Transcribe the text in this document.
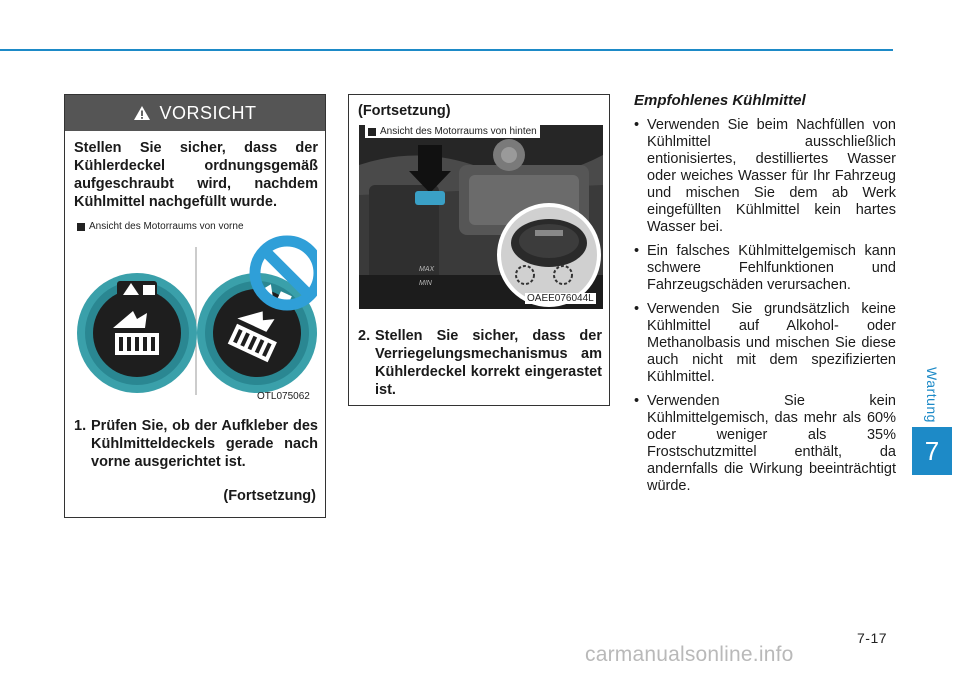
Wartung
7
7-17
carmanualsonline.info
VORSICHT
Stellen Sie sicher, dass der Kühlerdeckel ordnungsgemäß aufgeschraubt wird, nachdem Kühlmittel nachgefüllt wurde.
Ansicht des Motorraums von vorne
OTL075062
1. Prüfen Sie, ob der Aufkleber des Kühlmitteldeckels gerade nach vorne ausgerichtet ist.
(Fortsetzung)
(Fortsetzung)
MAX
MIN
Ansicht des Motorraums von hinten
OAEE076044L
2. Stellen Sie sicher, dass der Verriegelungsmechanismus am Kühlerdeckel korrekt eingerastet ist.
Empfohlenes Kühlmittel
• Verwenden Sie beim Nachfüllen von Kühlmittel ausschließlich entionisiertes, destilliertes Wasser oder weiches Wasser für Ihr Fahrzeug und mischen Sie dem ab Werk eingefüllten Kühlmittel kein hartes Wasser bei.
• Ein falsches Kühlmittelgemisch kann schwere Fehlfunktionen und Fahrzeugschäden verursachen.
• Verwenden Sie grundsätzlich keine Kühlmittel auf Alkohol- oder Methanolbasis und mischen Sie diese auch nicht mit dem spezifizierten Kühlmittel.
• Verwenden Sie kein Kühlmittelgemisch, das mehr als 60% oder weniger als 35% Frostschutzmittel enthält, da andernfalls die Wirkung beeinträchtigt würde.
